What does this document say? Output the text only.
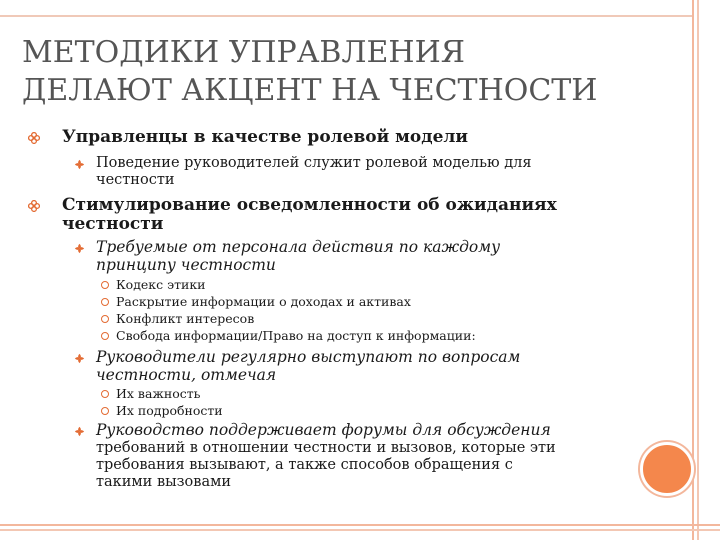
МЕТОДИКИ УПРАВЛЕНИЯ
ДЕЛАЮТ АКЦЕНТ НА ЧЕСТНОСТИ
Управленцы в качестве ролевой модели
Поведение руководителей служит ролевой моделью для
честности
Стимулирование осведомленности об ожиданиях
честности
Требуемые от персонала действия по каждому
принципу честности
Кодекс этики
Раскрытие информации о доходах и активах
Конфликт интересов
Свобода информации/Право на доступ к информации:
Руководители регулярно выступают по вопросам
честности, отмечая
Их важность
Их подробности
Руководство поддерживает форумы для обсуждения
требований в отношении честности и вызовов, которые эти
требования вызывают, а также способов обращения с
такими вызовами
